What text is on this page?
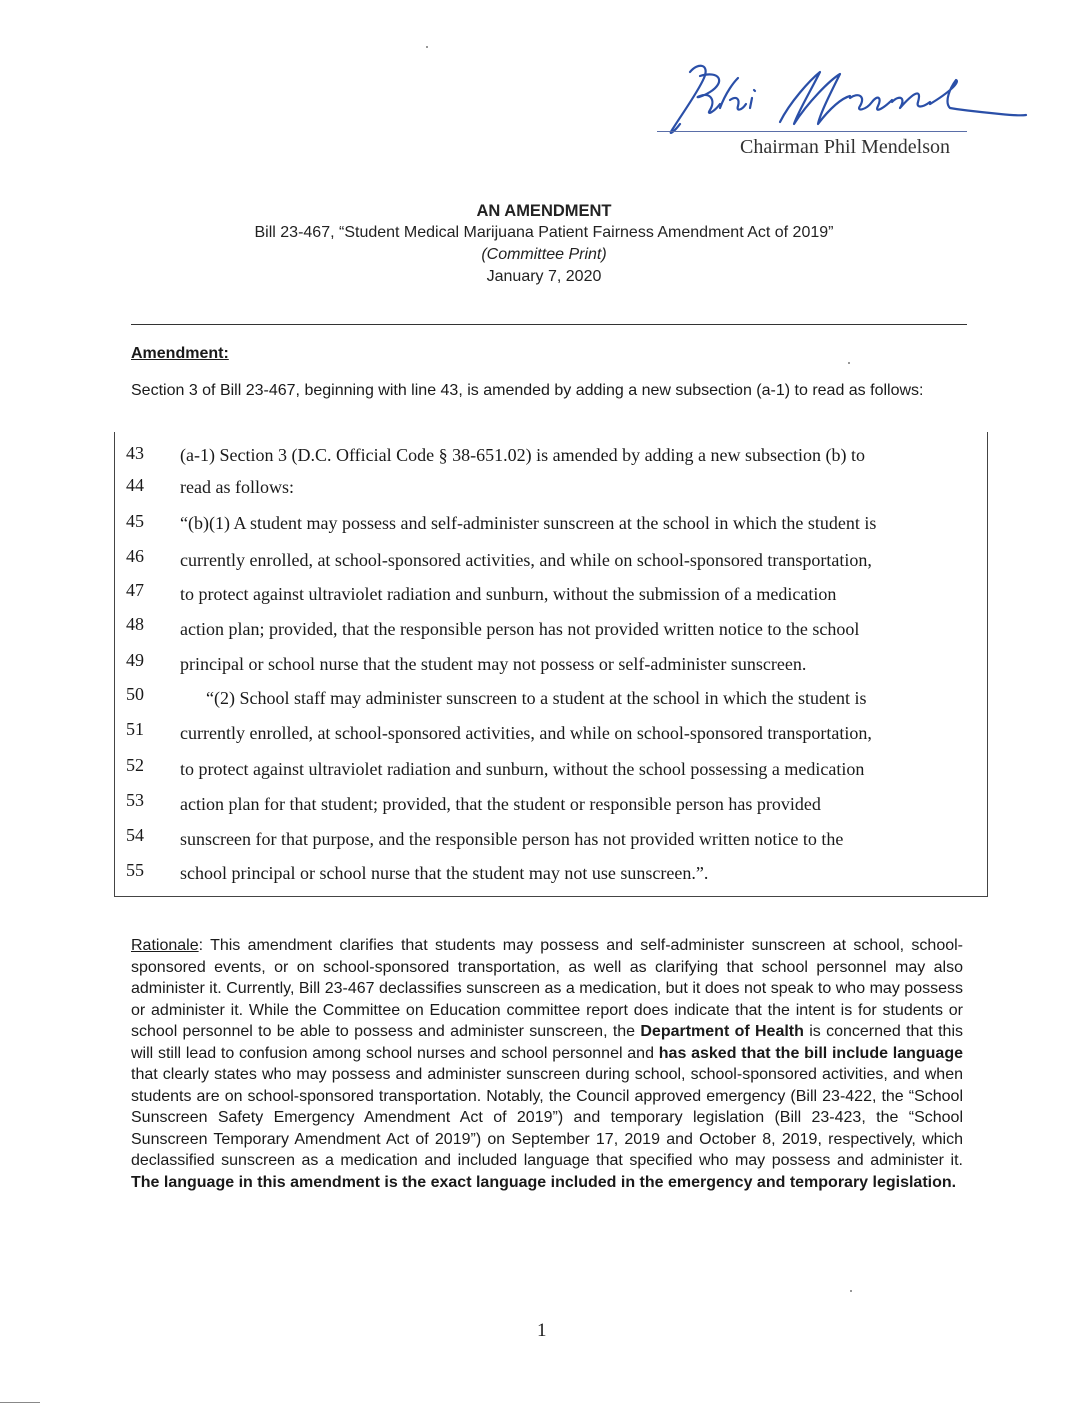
Chairman Phil Mendelson
AN AMENDMENT
Bill 23-467, “Student Medical Marijuana Patient Fairness Amendment Act of 2019”
(Committee Print)
January 7, 2020
Amendment:
Section 3 of Bill 23-467, beginning with line 43, is amended by adding a new subsection (a-1) to read as follows:
43 (a-1) Section 3 (D.C. Official Code § 38-651.02) is amended by adding a new subsection (b) to
44 read as follows:
45 “(b)(1) A student may possess and self-administer sunscreen at the school in which the student is
46 currently enrolled, at school-sponsored activities, and while on school-sponsored transportation,
47 to protect against ultraviolet radiation and sunburn, without the submission of a medication
48 action plan; provided, that the responsible person has not provided written notice to the school
49 principal or school nurse that the student may not possess or self-administer sunscreen.
50	“(2) School staff may administer sunscreen to a student at the school in which the student is
51 currently enrolled, at school-sponsored activities, and while on school-sponsored transportation,
52 to protect against ultraviolet radiation and sunburn, without the school possessing a medication
53 action plan for that student; provided, that the student or responsible person has provided
54 sunscreen for that purpose, and the responsible person has not provided written notice to the
55 school principal or school nurse that the student may not use sunscreen.”.
Rationale: This amendment clarifies that students may possess and self-administer sunscreen at school, school-sponsored events, or on school-sponsored transportation, as well as clarifying that school personnel may also administer it. Currently, Bill 23-467 declassifies sunscreen as a medication, but it does not speak to who may possess or administer it. While the Committee on Education committee report does indicate that the intent is for students or school personnel to be able to possess and administer sunscreen, the Department of Health is concerned that this will still lead to confusion among school nurses and school personnel and has asked that the bill include language that clearly states who may possess and administer sunscreen during school, school-sponsored activities, and when students are on school-sponsored transportation. Notably, the Council approved emergency (Bill 23-422, the “School Sunscreen Safety Emergency Amendment Act of 2019”) and temporary legislation (Bill 23-423, the “School Sunscreen Temporary Amendment Act of 2019”) on September 17, 2019 and October 8, 2019, respectively, which declassified sunscreen as a medication and included language that specified who may possess and administer it. The language in this amendment is the exact language included in the emergency and temporary legislation.
1
